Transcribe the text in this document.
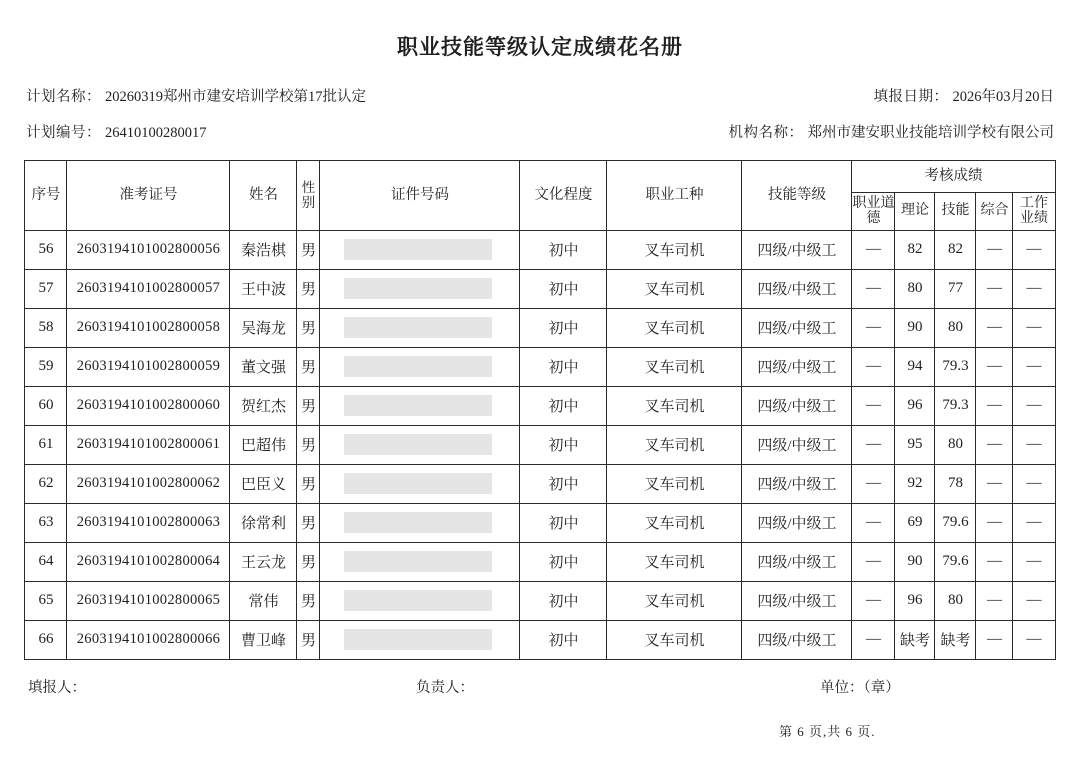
职业技能等级认定成绩花名册
计划名称： 20260319郑州市建安培训学校第17批认定	填报日期： 2026年03月20日
计划编号： 26410100280017	机构名称： 郑州市建安职业技能培训学校有限公司
序号	准考证号	姓名	性别	证件号码	文化程度	职业工种	技能等级	考核成绩				
								职业道德	理论	技能	综合	工作业绩
56	2603194101002800056	秦浩棋	男		初中	叉车司机	四级/中级工	—	82	82	—	—
57	2603194101002800057	王中波	男		初中	叉车司机	四级/中级工	—	80	77	—	—
58	2603194101002800058	吴海龙	男		初中	叉车司机	四级/中级工	—	90	80	—	—
59	2603194101002800059	董文强	男		初中	叉车司机	四级/中级工	—	94	79.3	—	—
60	2603194101002800060	贺红杰	男		初中	叉车司机	四级/中级工	—	96	79.3	—	—
61	2603194101002800061	巴超伟	男		初中	叉车司机	四级/中级工	—	95	80	—	—
62	2603194101002800062	巴臣义	男		初中	叉车司机	四级/中级工	—	92	78	—	—
63	2603194101002800063	徐常利	男		初中	叉车司机	四级/中级工	—	69	79.6	—	—
64	2603194101002800064	王云龙	男		初中	叉车司机	四级/中级工	—	90	79.6	—	—
65	2603194101002800065	常伟	男		初中	叉车司机	四级/中级工	—	96	80	—	—
66	2603194101002800066	曹卫峰	男		初中	叉车司机	四级/中级工	—	缺考	缺考	—	—
填报人：	负责人：	单位：（章）
第 6 页,共 6 页.
